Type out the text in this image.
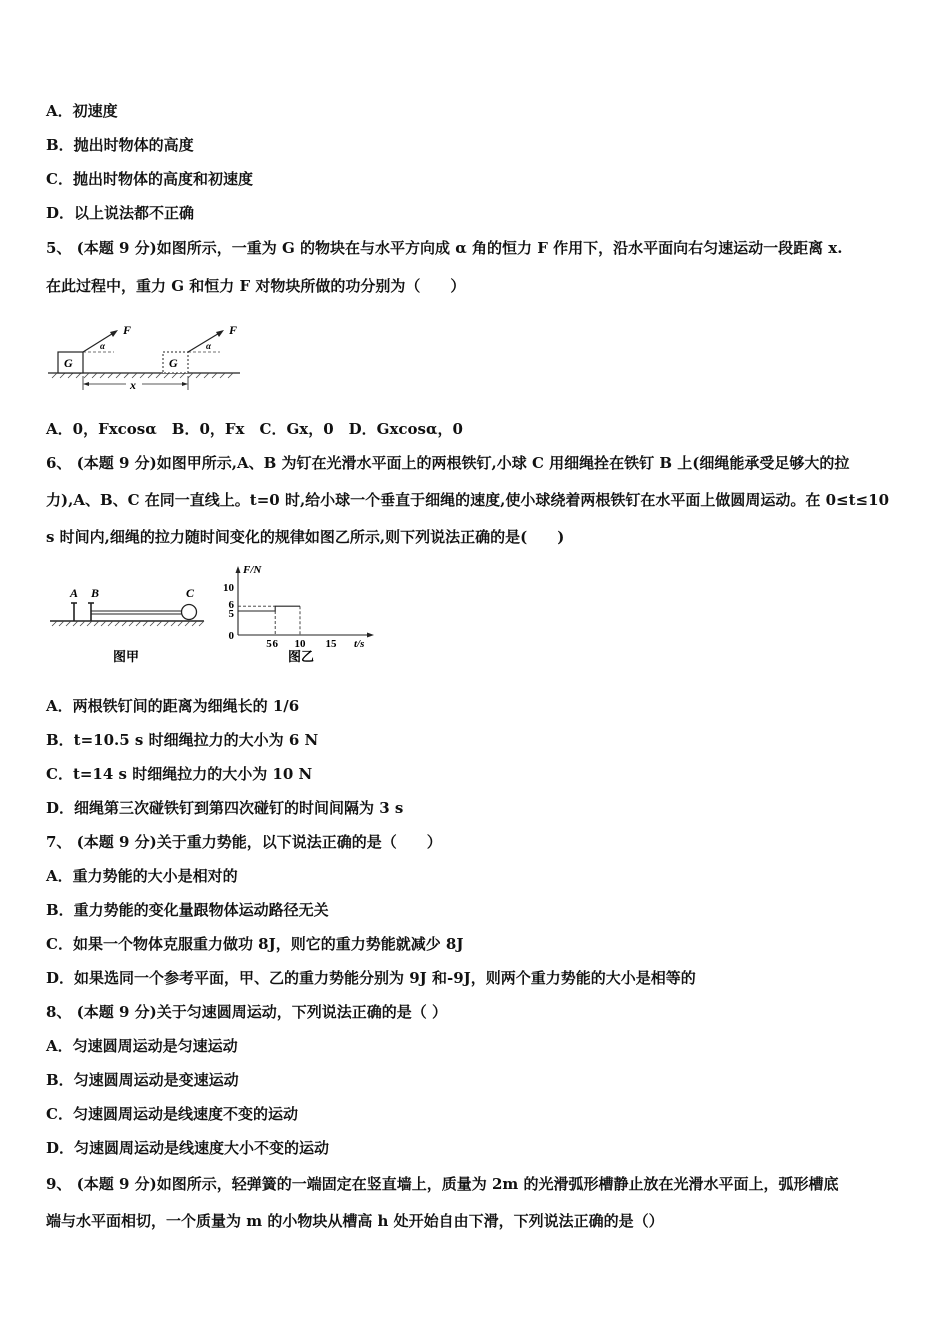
A．初速度
B．抛出时物体的高度
C．抛出时物体的高度和初速度
D．以上说法都不正确
5、 (本题 9 分)如图所示，一重为 G 的物块在与水平方向成 α 角的恒力 F 作用下，沿水平面向右匀速运动一段距离 x.
在此过程中，重力 G 和恒力 F 对物块所做的功分别为（　　）
G
F
α
G
F
α
x
A．0，Fxcosα　B．0，Fx　C．Gx，0　D．Gxcosα，0
6、 (本题 9 分)如图甲所示,A、B 为钉在光滑水平面上的两根铁钉,小球 C 用细绳拴在铁钉 B 上(细绳能承受足够大的拉
力),A、B、C 在同一直线上。t=0 时,给小球一个垂直于细绳的速度,使小球绕着两根铁钉在水平面上做圆周运动。在 0≤t≤10
s 时间内,细绳的拉力随时间变化的规律如图乙所示,则下列说法正确的是(　　)
A B	C
图甲
F/N
t/s
0
5
6
10
5 6 10 15
图乙
A．两根铁钉间的距离为细绳长的 1/6
B．t=10.5 s 时细绳拉力的大小为 6 N
C．t=14 s 时细绳拉力的大小为 10 N
D．细绳第三次碰铁钉到第四次碰钉的时间间隔为 3 s
7、 (本题 9 分)关于重力势能，以下说法正确的是（　　）
A．重力势能的大小是相对的
B．重力势能的变化量跟物体运动路径无关
C．如果一个物体克服重力做功 8J，则它的重力势能就减少 8J
D．如果选同一个参考平面，甲、乙的重力势能分别为 9J 和-9J，则两个重力势能的大小是相等的
8、 (本题 9 分)关于匀速圆周运动，下列说法正确的是（ ）
A．匀速圆周运动是匀速运动
B．匀速圆周运动是变速运动
C．匀速圆周运动是线速度不变的运动
D．匀速圆周运动是线速度大小不变的运动
9、 (本题 9 分)如图所示，轻弹簧的一端固定在竖直墙上，质量为 2m 的光滑弧形槽静止放在光滑水平面上，弧形槽底
端与水平面相切，一个质量为 m 的小物块从槽高 h 处开始自由下滑，下列说法正确的是（）
